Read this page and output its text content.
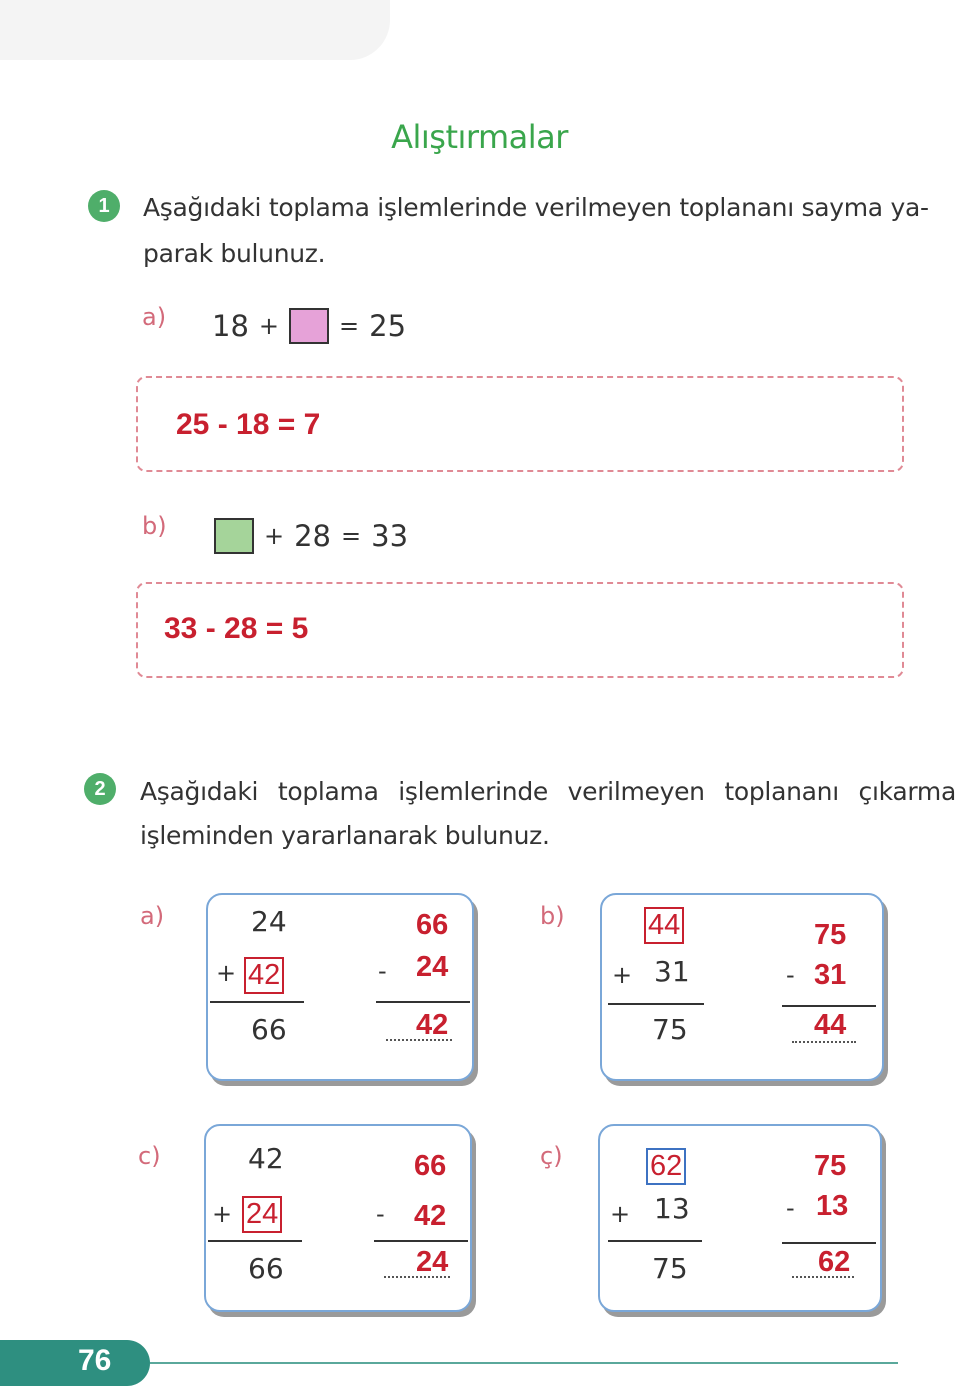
Alıştırmalar
1	Aşağıdaki toplama işlemlerinde verilmeyen toplananı sayma ya-
parak bulunuz.
a) 18 +	= 25
25 - 18 = 7
b)	+ 28 = 33
33 - 28 = 5
2	Aşağıdaki toplama işlemlerinde verilmeyen toplananı çıkarma
işleminden yararlanarak bulunuz.
a)	24
+ 42
66
66
- 24
42
b)	44
+ 31
75
75
- 31
44
c)	42
+ 24
66
66
- 42
24
ç)	62
+ 13
75
75
- 13
62
76
